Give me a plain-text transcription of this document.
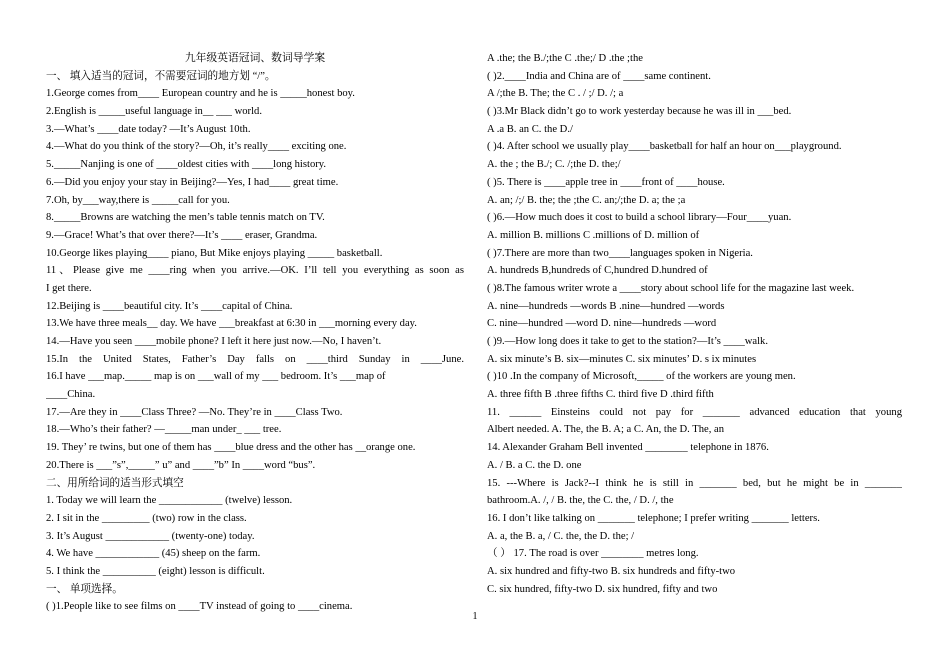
九年级英语冠词、数词导学案
一、 填入适当的冠词，不需要冠词的地方划 “/”。
1.George comes from____ European country and he is _____honest boy.
2.English is _____useful language in__ ___ world.
3.—What’s ____date today? —It’s August 10th.
4.—What do you think of the story?—Oh, it’s really____ exciting one.
5._____Nanjing is one of ____oldest cities with ____long history.
6.—Did you enjoy your stay in Beijing?—Yes, I had____ great time.
7.Oh, by___way,there is _____call for you.
8._____Browns are watching the men’s table tennis match on TV.
9.—Grace! What’s that over there?—It’s ____ eraser, Grandma.
10.George likes playing____ piano, But Mike enjoys playing _____ basketball.
11、Please give me ____ring when you arrive.—OK. I’ll tell you everything as soon as
I get there.
12.Beijing is ____beautiful city. It’s ____capital of China.
13.We have three meals__ day. We have ___breakfast at 6:30 in ___morning every day.
14.—Have you seen ____mobile phone? I left it here just now.—No, I haven’t.
15.In the United States, Father’s Day falls on ____third Sunday in ____June.
16.I have ___map._____ map is on ___wall of my ___ bedroom. It’s ___map of
____China.
17.—Are they in ____Class Three? —No. They’re in ____Class Two.
18.—Who’s their father? —_____man under_ ___ tree.
19. They’ re twins, but one of them has ____blue dress and the other has __orange one.
20.There is ___”s”,_____” u” and ____”b” In ____word “bus”.
二、用所给词的适当形式填空
1. Today we will learn the ____________ (twelve) lesson.
2. I sit in the _________ (two) row in the class.
3. It’s August ____________ (twenty-one) today.
4. We have ____________ (45) sheep on the farm.
5. I think the __________ (eight) lesson is difficult.
一、 单项选择。
( )1.People like to see films on ____TV instead of going to ____cinema.
A .the; the B./;the C .the;/ D .the ;the
( )2.____India and China are of ____same continent.
A /;the B. The; the C . / ;/ D. /; a
( )3.Mr Black didn’t go to work yesterday because he was ill in ___bed.
A .a B. an C. the D./
( )4. After school we usually play____basketball for half an hour on___playground.
A. the ; the B./; C. /;the D. the;/
( )5. There is ____apple tree in ____front of ____house.
A. an; /;/ B. the; the ;the C. an;/;the D. a; the ;a
( )6.—How much does it cost to build a school library—Four____yuan.
A. million B. millions C .millions of D. million of
( )7.There are more than two____languages spoken in Nigeria.
A. hundreds B,hundreds of C,hundred D.hundred of
( )8.The famous writer wrote a ____story about school life for the magazine last week.
A. nine—hundreds —words B .nine—hundred —words
C. nine—hundred —word D. nine—hundreds —word
( )9.—How long does it take to get to the station?—It’s ____walk.
A. six minute’s B. six—minutes C. six minutes’ D. s ix minutes
( )10 .In the company of Microsoft,_____ of the workers are young men.
A. three fifth B .three fifths C. third five D .third fifth
11. ______ Einsteins could not pay for _______ advanced education that young
Albert needed. A. The, the B. A; a C. An, the D. The, an
14. Alexander Graham Bell invented ________ telephone in 1876.
A. / B. a C. the D. one
15. ---Where is Jack?--I think he is still in _______ bed, but he might be in _______
bathroom.A. /, / B. the, the C. the, / D. /, the
16. I don’t like talking on _______ telephone; I prefer writing _______ letters.
A. a, the B. a, / C. the, the D. the; /
（ ） 17. The road is over ________ metres long.
A. six hundred and fifty-two B. six hundreds and fifty-two
C. six hundred, fifty-two D. six hundred, fifty and two
1
